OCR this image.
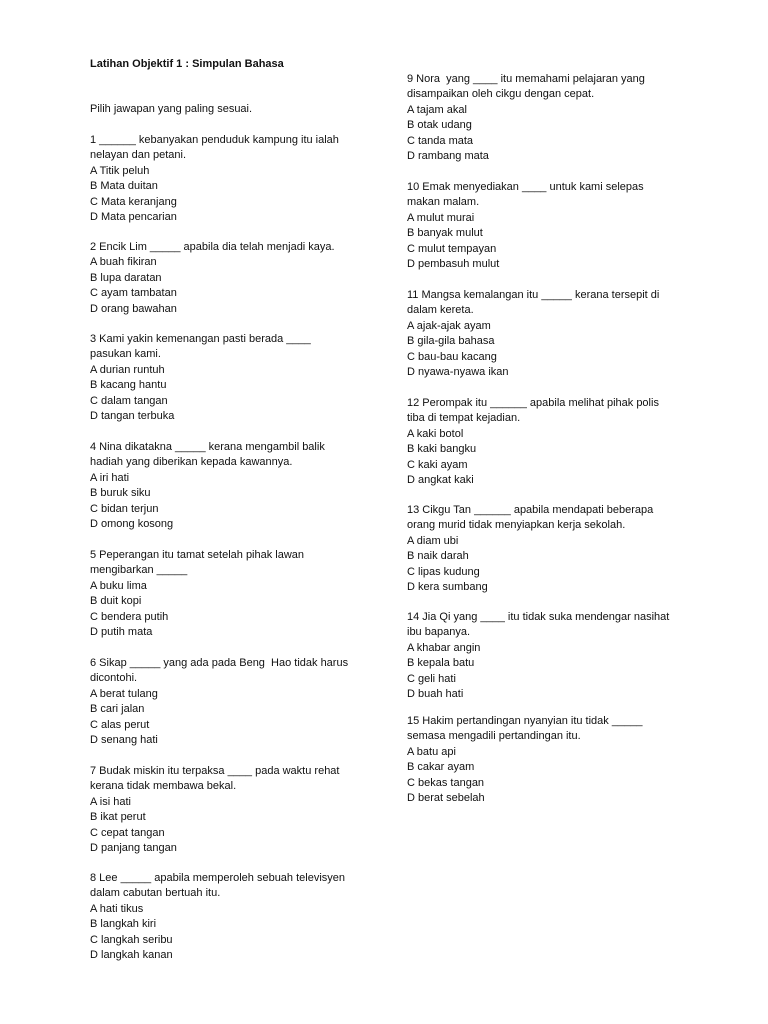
Latihan Objektif 1 : Simpulan Bahasa
Pilih jawapan yang paling sesuai.
1 ______ kebanyakan penduduk kampung itu ialah
nelayan dan petani.
A Titik peluh
B Mata duitan
C Mata keranjang
D Mata pencarian
2 Encik Lim _____ apabila dia telah menjadi kaya.
A buah fikiran
B lupa daratan
C ayam tambatan
D orang bawahan
3 Kami yakin kemenangan pasti berada ____
pasukan kami.
A durian runtuh
B kacang hantu
C dalam tangan
D tangan terbuka
4 Nina dikatakna _____ kerana mengambil balik
hadiah yang diberikan kepada kawannya.
A iri hati
B buruk siku
C bidan terjun
D omong kosong
5 Peperangan itu tamat setelah pihak lawan
mengibarkan _____
A buku lima
B duit kopi
C bendera putih
D putih mata
6 Sikap _____ yang ada pada Beng  Hao tidak harus
dicontohi.
A berat tulang
B cari jalan
C alas perut
D senang hati
7 Budak miskin itu terpaksa ____ pada waktu rehat
kerana tidak membawa bekal.
A isi hati
B ikat perut
C cepat tangan
D panjang tangan
8 Lee _____ apabila memperoleh sebuah televisyen
dalam cabutan bertuah itu.
A hati tikus
B langkah kiri
C langkah seribu
D langkah kanan
9 Nora  yang ____ itu memahami pelajaran yang
disampaikan oleh cikgu dengan cepat.
A tajam akal
B otak udang
C tanda mata
D rambang mata
10 Emak menyediakan ____ untuk kami selepas
makan malam.
A mulut murai
B banyak mulut
C mulut tempayan
D pembasuh mulut
11 Mangsa kemalangan itu _____ kerana tersepit di
dalam kereta.
A ajak-ajak ayam
B gila-gila bahasa
C bau-bau kacang
D nyawa-nyawa ikan
12 Perompak itu ______ apabila melihat pihak polis
tiba di tempat kejadian.
A kaki botol
B kaki bangku
C kaki ayam
D angkat kaki
13 Cikgu Tan ______ apabila mendapati beberapa
orang murid tidak menyiapkan kerja sekolah.
A diam ubi
B naik darah
C lipas kudung
D kera sumbang
14 Jia Qi yang ____ itu tidak suka mendengar nasihat
ibu bapanya.
A khabar angin
B kepala batu
C geli hati
D buah hati
15 Hakim pertandingan nyanyian itu tidak _____
semasa mengadili pertandingan itu.
A batu api
B cakar ayam
C bekas tangan
D berat sebelah
